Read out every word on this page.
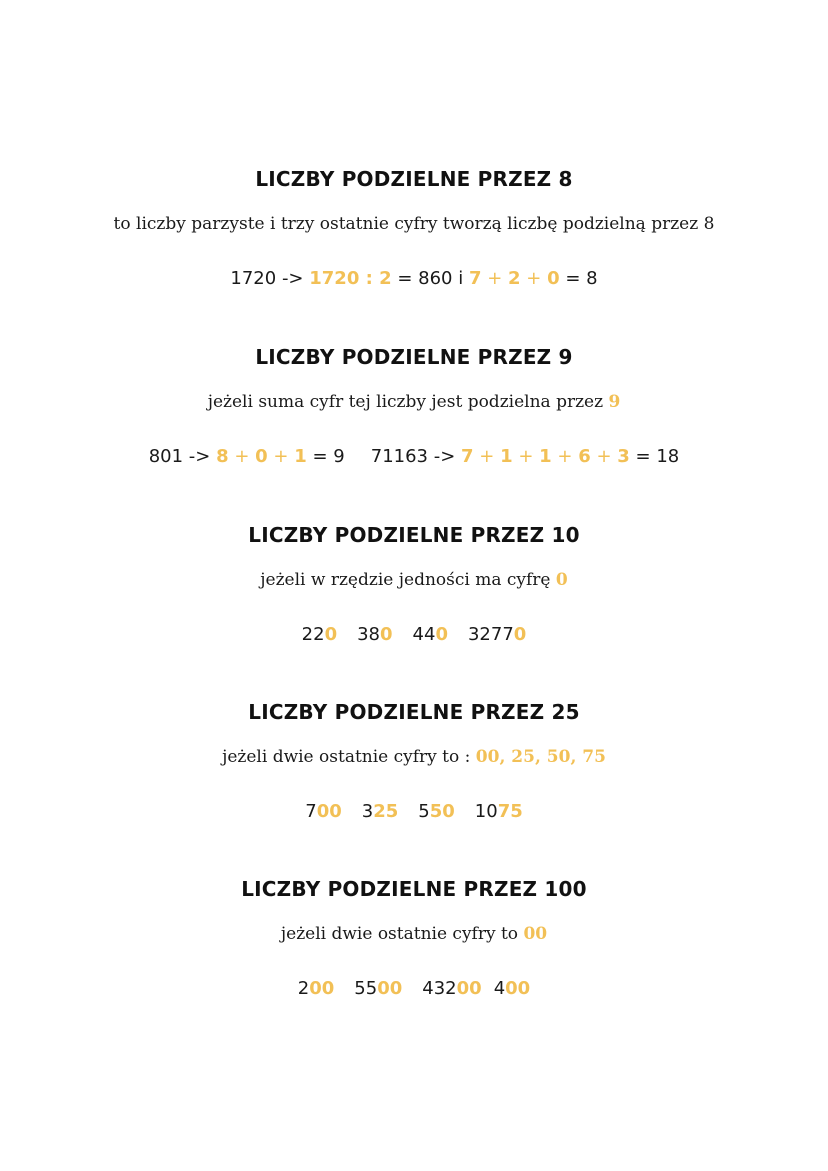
LICZBY PODZIELNE PRZEZ 8
to liczby parzyste i trzy ostatnie cyfry tworzą liczbę podzielną przez 8
1720 -> 1720 : 2 = 860 i 7 + 2 + 0 = 8
LICZBY PODZIELNE PRZEZ 9
jeżeli suma cyfr tej liczby jest podzielna przez 9
801 -> 8 + 0 + 1 = 9 71163 -> 7 + 1 + 1 + 6 + 3 = 18
LICZBY PODZIELNE PRZEZ 10
jeżeli w rzędzie jedności ma cyfrę 0
220 380 440 32770
LICZBY PODZIELNE PRZEZ 25
jeżeli dwie ostatnie cyfry to : 00, 25, 50, 75
700 325 550 1075
LICZBY PODZIELNE PRZEZ 100
jeżeli dwie ostatnie cyfry to 00
200 5500 43200 400
